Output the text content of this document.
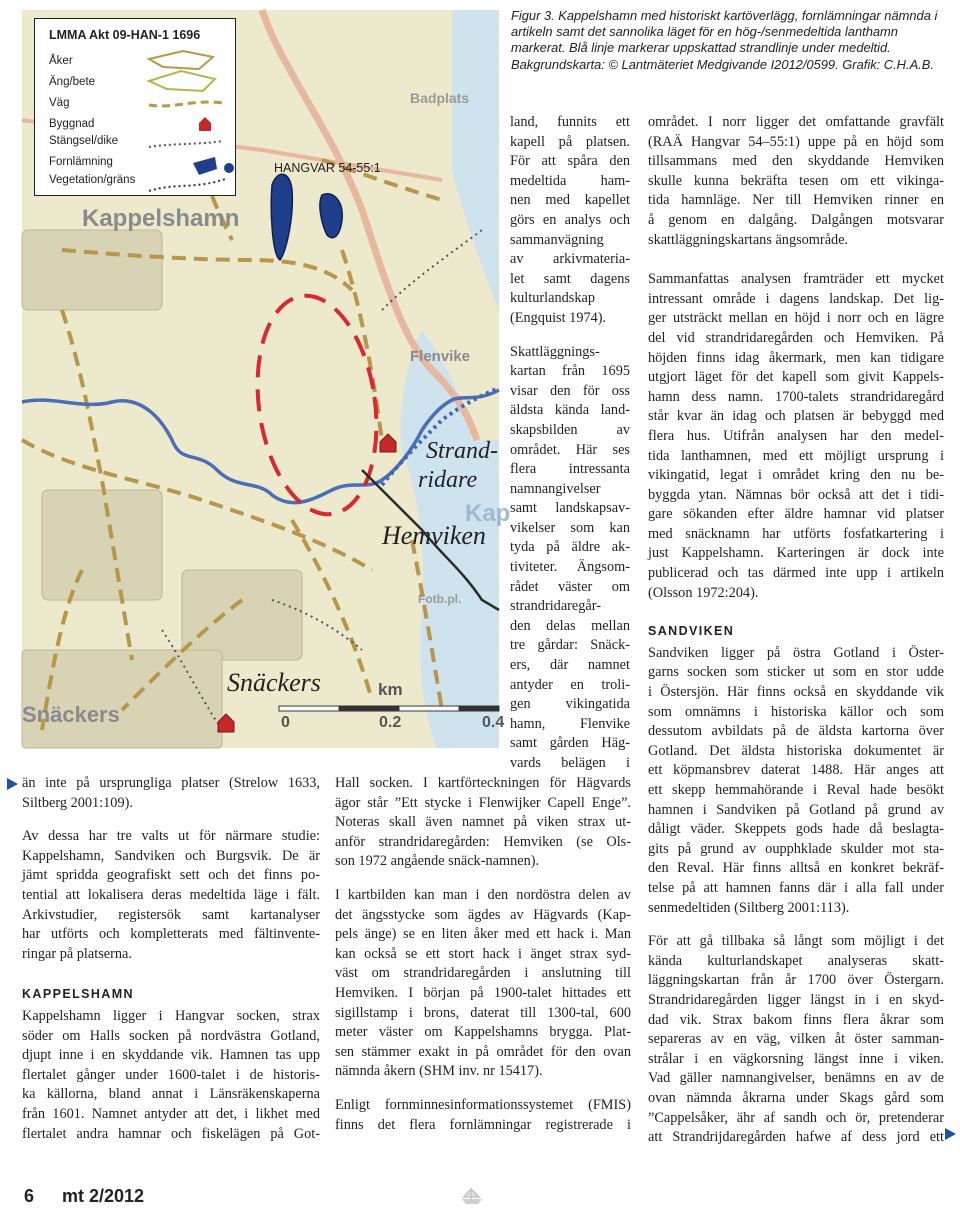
Kappelshamn
Badplats
Flenvike
Fotb.pl.
Snäckers
Kap
HANGVAR 54-55:1
Strand-
ridare
Hemviken
Snäckers	km
0	0.2	0.4
LMMA Akt 09-HAN-1 1696
Åker
Äng/bete
Väg
Byggnad
Stängsel/dike
Fornlämning
Vegetation/gräns
Figur 3. Kappelshamn med historiskt kartöverlägg, fornlämningar nämnda i artikeln samt det sannolika läget för en hög-/senmedeltida lanthamn markerat. Blå linje markerar uppskattad strandlinje under medeltid. Bakgrundskarta: © Lantmäteriet Medgivande I2012/0599. Grafik: C.H.A.B.
land, funnits ett
kapell på platsen.
För att spåra den
medeltida ham-
nen med kapellet
görs en analys och
sammanvägning
av arkivmateria-
let samt dagens
kulturlandskap
(Engquist 1974).
Skattläggnings-
kartan från 1695
visar den för oss
äldsta kända land-
skapsbilden av
området. Här ses
flera intressanta
namnangivelser
samt landskapsav-
vikelser som kan
tyda på äldre ak-
tiviteter. Ängsom-
rådet väster om
strandridaregår-
den delas mellan
tre gårdar: Snäck-
ers, där namnet
antyder en troli-
gen vikingatida
hamn, Flenvike
samt gården Häg-
vards belägen i
än inte på ursprungliga platser (Strelow 1633,
Siltberg 2001:109).
Av dessa har tre valts ut för närmare studie:
Kappelshamn, Sandviken och Burgsvik. De är
jämt spridda geografiskt sett och det finns po-
tential att lokalisera deras medeltida läge i fält.
Arkivstudier, registersök samt kartanalyser
har utförts och kompletterats med fältinvente-
ringar på platserna.
KAPPELSHAMN
Kappelshamn ligger i Hangvar socken, strax
söder om Halls socken på nordvästra Gotland,
djupt inne i en skyddande vik. Hamnen tas upp
flertalet gånger under 1600-talet i de historis-
ka källorna, bland annat i Länsräkenskaperna
från 1601. Namnet antyder att det, i likhet med
flertalet andra hamnar och fiskelägen på Got-
Hall socken. I kartförteckningen för Hägvards
ägor står ”Ett stycke i Flenwijker Capell Enge”.
Noteras skall även namnet på viken strax ut-
anför strandridaregården: Hemviken (se Ols-
son 1972 angående snäck-namnen).
I kartbilden kan man i den nordöstra delen av
det ängsstycke som ägdes av Hägvards (Kap-
pels änge) se en liten åker med ett hack i. Man
kan också se ett stort hack i änget strax syd-
väst om strandridaregården i anslutning till
Hemviken. I början på 1900-talet hittades ett
sigillstamp i brons, daterat till 1300-tal, 600
meter väster om Kappelshamns brygga. Plat-
sen stämmer exakt in på området för den ovan
nämnda åkern (SHM inv. nr 15417).
Enligt fornminnesinformationssystemet (FMIS)
finns det flera fornlämningar registrerade i
området. I norr ligger det omfattande gravfält
(RAÄ Hangvar 54–55:1) uppe på en höjd som
tillsammans med den skyddande Hemviken
skulle kunna bekräfta tesen om ett vikinga-
tida hamnläge. Ner till Hemviken rinner en
å genom en dalgång. Dalgången motsvarar
skattläggningskartans ängsområde.
Sammanfattas analysen framträder ett mycket
intressant område i dagens landskap. Det lig-
ger utsträckt mellan en höjd i norr och en lägre
del vid strandridaregården och Hemviken. På
höjden finns idag åkermark, men kan tidigare
utgjort läget för det kapell som givit Kappels-
hamn dess namn. 1700-talets strandridaregård
står kvar än idag och platsen är bebyggd med
flera hus. Utifrån analysen har den medel-
tida lanthamnen, med ett möjligt ursprung i
vikingatid, legat i området kring den nu be-
byggda ytan. Nämnas bör också att det i tidi-
gare sökanden efter äldre hamnar vid platser
med snäcknamn har utförts fosfatkartering i
just Kappelshamn. Karteringen är dock inte
publicerad och tas därmed inte upp i artikeln
(Olsson 1972:204).
SANDVIKEN
Sandviken ligger på östra Gotland i Öster-
garns socken som sticker ut som en stor udde
i Östersjön. Här finns också en skyddande vik
som omnämns i historiska källor och som
dessutom avbildats på de äldsta kartorna över
Gotland. Det äldsta historiska dokumentet är
ett köpmansbrev daterat 1488. Här anges att
ett skepp hemmahörande i Reval hade besökt
hamnen i Sandviken på Gotland på grund av
dåligt väder. Skeppets gods hade då beslagta-
gits på grund av oupphklade skulder mot sta-
den Reval. Här finns alltså en konkret bekräf-
telse på att hamnen fanns där i alla fall under
senmedeltiden (Siltberg 2001:113).
För att gå tillbaka så långt som möjligt i det
kända kulturlandskapet analyseras skatt-
läggningskartan från år 1700 över Östergarn.
Strandridaregården ligger längst in i en skyd-
dad vik. Strax bakom finns flera åkrar som
separeras av en väg, vilken åt öster samman-
strålar i en vägkorsning längst inne i viken.
Vad gäller namnangivelser, benämns en av de
ovan nämnda åkrarna under Skags gård som
”Cappelsåker, ähr af sandh och ör, pretenderar
att Strandrijdaregården hafwe af dess jord ett
6 mt 2/2012
